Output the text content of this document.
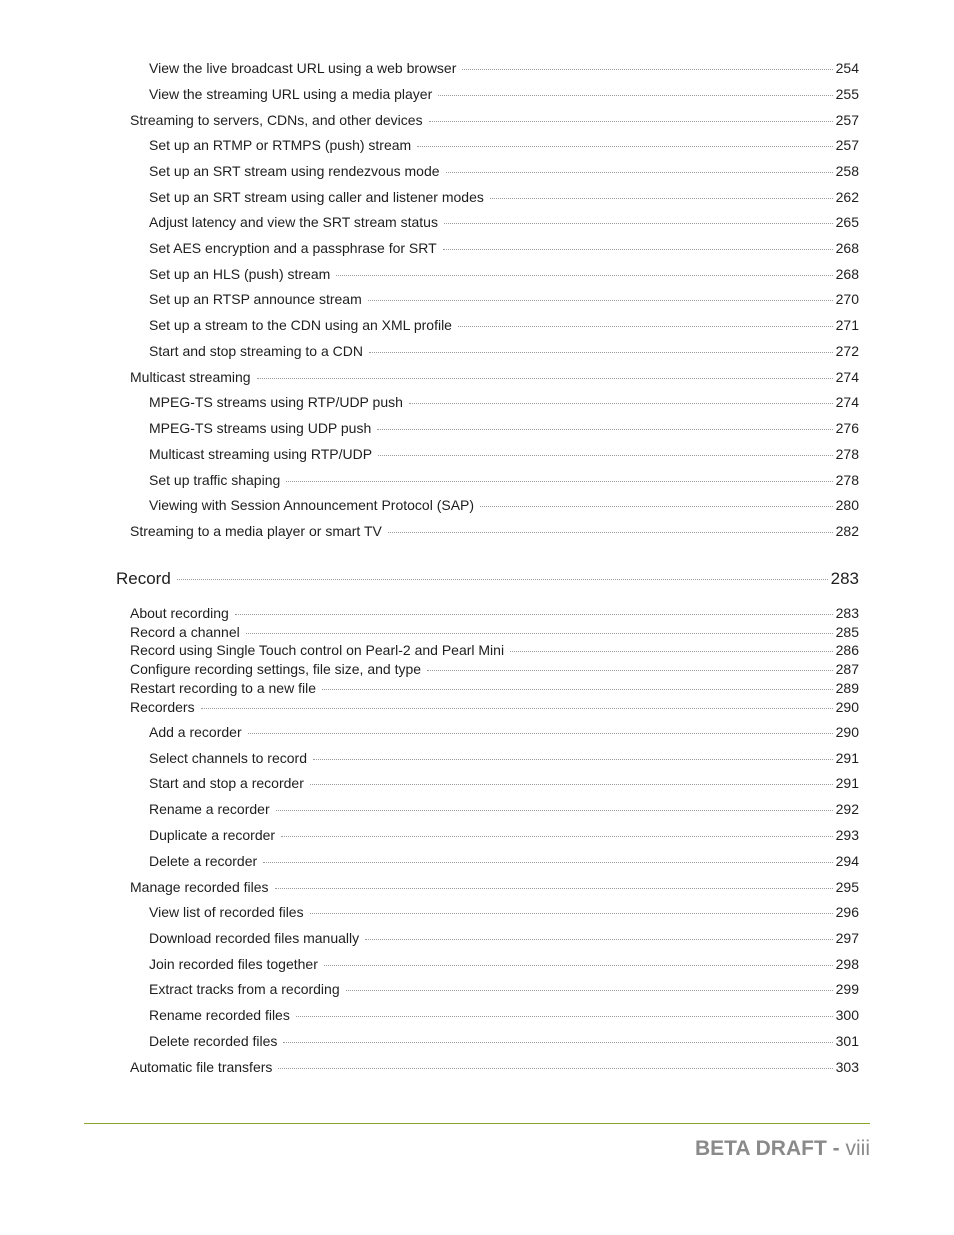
View the live broadcast URL using a web browser	254
View the streaming URL using a media player	255
Streaming to servers, CDNs, and other devices	257
Set up an RTMP or RTMPS (push) stream	257
Set up an SRT stream using rendezvous mode	258
Set up an SRT stream using caller and listener modes	262
Adjust latency and view the SRT stream status	265
Set AES encryption and a passphrase for SRT	268
Set up an HLS (push) stream	268
Set up an RTSP announce stream	270
Set up a stream to the CDN using an XML profile	271
Start and stop streaming to a CDN	272
Multicast streaming	274
MPEG-TS streams using RTP/UDP push	274
MPEG-TS streams using UDP push	276
Multicast streaming using RTP/UDP	278
Set up traffic shaping	278
Viewing with Session Announcement Protocol (SAP)	280
Streaming to a media player or smart TV	282
Record	283
About recording	283
Record a channel	285
Record using Single Touch control on Pearl-2 and Pearl Mini	286
Configure recording settings, file size, and type	287
Restart recording to a new file	289
Recorders	290
Add a recorder	290
Select channels to record	291
Start and stop a recorder	291
Rename a recorder	292
Duplicate a recorder	293
Delete a recorder	294
Manage recorded files	295
View list of recorded files	296
Download recorded files manually	297
Join recorded files together	298
Extract tracks from a recording	299
Rename recorded files	300
Delete recorded files	301
Automatic file transfers	303
BETA DRAFT - viii
